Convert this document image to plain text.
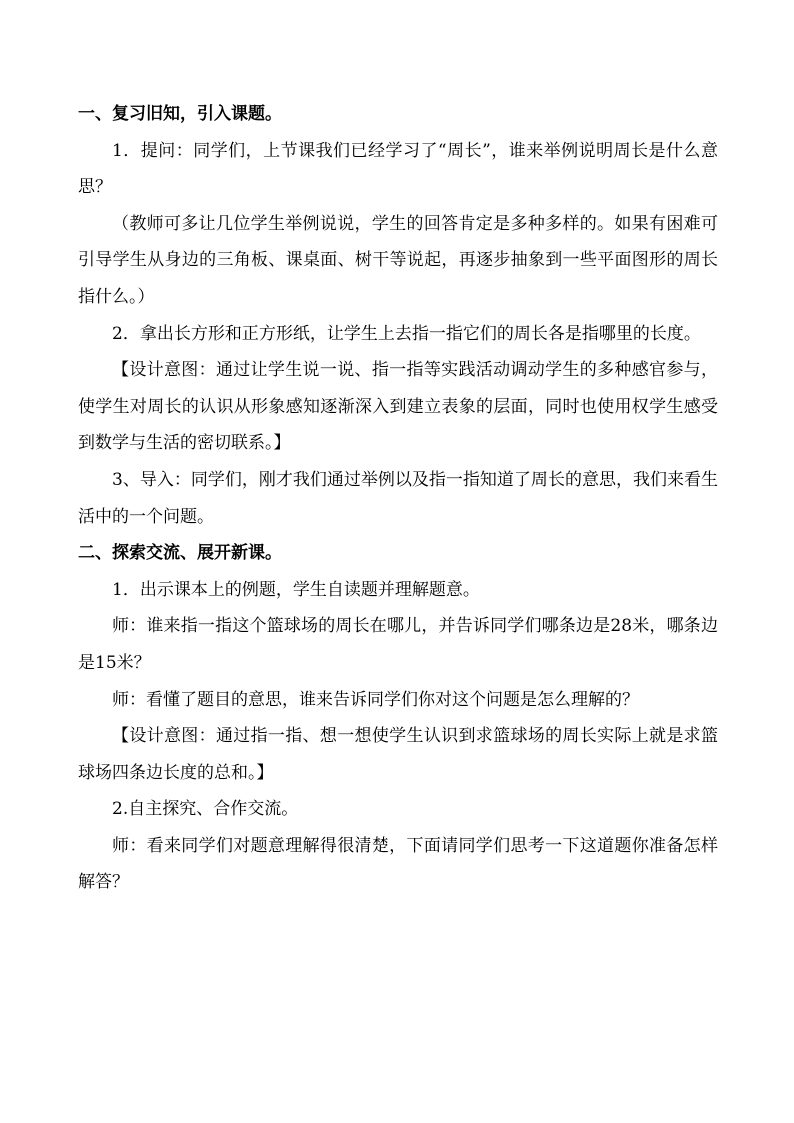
一、复习旧知，引入课题。

1．提问：同学们，上节课我们已经学习了“周长”，谁来举例说明周长是什么意思？

（教师可多让几位学生举例说说，学生的回答肯定是多种多样的。如果有困难可引导学生从身边的三角板、课桌面、树干等说起，再逐步抽象到一些平面图形的周长指什么。）

2．拿出长方形和正方形纸，让学生上去指一指它们的周长各是指哪里的长度。

【设计意图：通过让学生说一说、指一指等实践活动调动学生的多种感官参与，使学生对周长的认识从形象感知逐渐深入到建立表象的层面，同时也使用权学生感受到数学与生活的密切联系。】

3、导入：同学们，刚才我们通过举例以及指一指知道了周长的意思，我们来看生活中的一个问题。

二、探索交流、展开新课。

1．出示课本上的例题，学生自读题并理解题意。

师：谁来指一指这个篮球场的周长在哪儿，并告诉同学们哪条边是28米，哪条边是15米？

师：看懂了题目的意思，谁来告诉同学们你对这个问题是怎么理解的？

【设计意图：通过指一指、想一想使学生认识到求篮球场的周长实际上就是求篮球场四条边长度的总和。】

2.自主探究、合作交流。

师：看来同学们对题意理解得很清楚，下面请同学们思考一下这道题你准备怎样解答？
